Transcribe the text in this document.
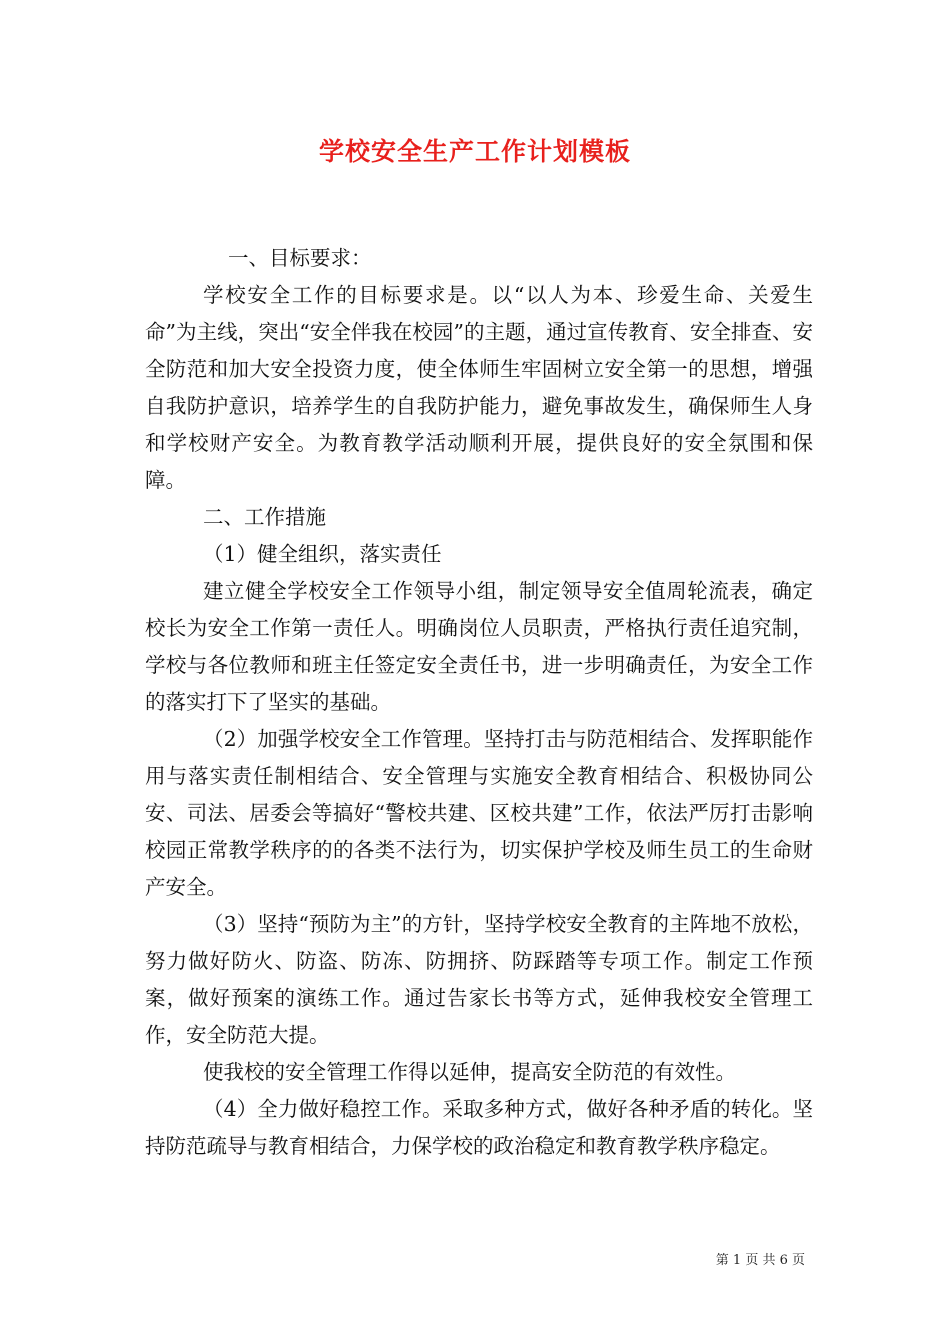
学校安全生产工作计划模板

一、目标要求：

学校安全工作的目标要求是。以“以人为本、珍爱生命、关爱生命”为主线，突出“安全伴我在校园”的主题，通过宣传教育、安全排查、安全防范和加大安全投资力度，使全体师生牢固树立安全第一的思想，增强自我防护意识，培养学生的自我防护能力，避免事故发生，确保师生人身和学校财产安全。为教育教学活动顺利开展，提供良好的安全氛围和保障。

二、工作措施

（1）健全组织，落实责任

建立健全学校安全工作领导小组，制定领导安全值周轮流表，确定校长为安全工作第一责任人。明确岗位人员职责，严格执行责任追究制，学校与各位教师和班主任签定安全责任书，进一步明确责任，为安全工作的落实打下了坚实的基础。

（2）加强学校安全工作管理。坚持打击与防范相结合、发挥职能作用与落实责任制相结合、安全管理与实施安全教育相结合、积极协同公安、司法、居委会等搞好“警校共建、区校共建”工作，依法严厉打击影响校园正常教学秩序的的各类不法行为，切实保护学校及师生员工的生命财产安全。

（3）坚持“预防为主”的方针，坚持学校安全教育的主阵地不放松，努力做好防火、防盗、防冻、防拥挤、防踩踏等专项工作。制定工作预案，做好预案的演练工作。通过告家长书等方式，延伸我校安全管理工作，安全防范大提。

使我校的安全管理工作得以延伸，提高安全防范的有效性。

（4）全力做好稳控工作。采取多种方式，做好各种矛盾的转化。坚持防范疏导与教育相结合，力保学校的政治稳定和教育教学秩序稳定。

第 1 页 共 6 页
